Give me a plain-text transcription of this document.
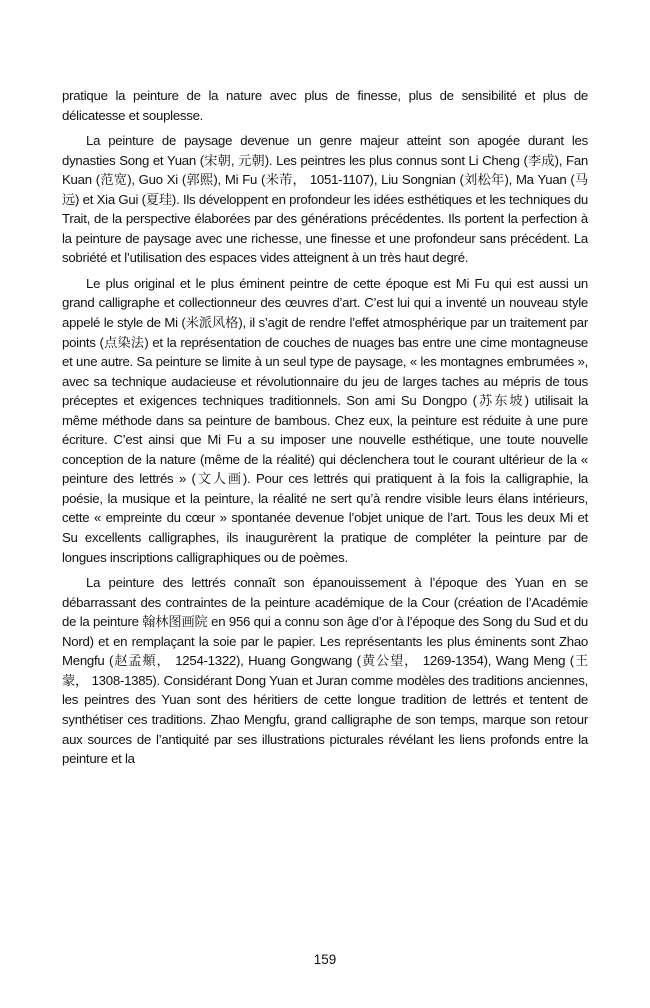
pratique la peinture de la nature avec plus de finesse, plus de sensibilité et plus de délicatesse et souplesse.

La peinture de paysage devenue un genre majeur atteint son apogée durant les dynasties Song et Yuan (宋朝, 元朝). Les peintres les plus connus sont Li Cheng (李成), Fan Kuan (范宽), Guo Xi (郭熙), Mi Fu (米芾， 1051-1107), Liu Songnian (刘松年), Ma Yuan (马远) et Xia Gui (夏珪). Ils développent en profondeur les idées esthétiques et les techniques du Trait, de la perspective élaborées par des générations précédentes. Ils portent la perfection à la peinture de paysage avec une richesse, une finesse et une profondeur sans précédent. La sobriété et l’utilisation des espaces vides atteignent à un très haut degré.

Le plus original et le plus éminent peintre de cette époque est Mi Fu qui est aussi un grand calligraphe et collectionneur des œuvres d’art. C’est lui qui a inventé un nouveau style appelé le style de Mi (米派风格), il s’agit de rendre l’effet atmosphérique par un traitement par points (点染法) et la représentation de couches de nuages bas entre une cime montagneuse et une autre. Sa peinture se limite à un seul type de paysage, « les montagnes embrumées », avec sa technique audacieuse et révolutionnaire du jeu de larges taches au mépris de tous préceptes et exigences techniques traditionnels. Son ami Su Dongpo (苏东坡) utilisait la même méthode dans sa peinture de bambous. Chez eux, la peinture est réduite à une pure écriture. C’est ainsi que Mi Fu a su imposer une nouvelle esthétique, une toute nouvelle conception de la nature (même de la réalité) qui déclenchera tout le courant ultérieur de la « peinture des lettrés » (文人画). Pour ces lettrés qui pratiquent à la fois la calligraphie, la poésie, la musique et la peinture, la réalité ne sert qu’à rendre visible leurs élans intérieurs, cette « empreinte du cœur » spontanée devenue l’objet unique de l’art. Tous les deux Mi et Su excellents calligraphes, ils inaugurèrent la pratique de compléter la peinture par de longues inscriptions calligraphiques ou de poèmes.

La peinture des lettrés connaît son épanouissement à l’époque des Yuan en se débarrassant des contraintes de la peinture académique de la Cour (création de l’Académie de la peinture 翰林图画院 en 956 qui a connu son âge d’or à l’époque des Song du Sud et du Nord) et en remplaçant la soie par le papier. Les représentants les plus éminents sont Zhao Mengfu (赵孟頫， 1254-1322), Huang Gongwang (黄公望， 1269-1354), Wang Meng (王蒙， 1308-1385). Considérant Dong Yuan et Juran comme modèles des traditions anciennes, les peintres des Yuan sont des héritiers de cette longue tradition de lettrés et tentent de synthétiser ces traditions. Zhao Mengfu, grand calligraphe de son temps, marque son retour aux sources de l’antiquité par ses illustrations picturales révélant les liens profonds entre la peinture et la

159
